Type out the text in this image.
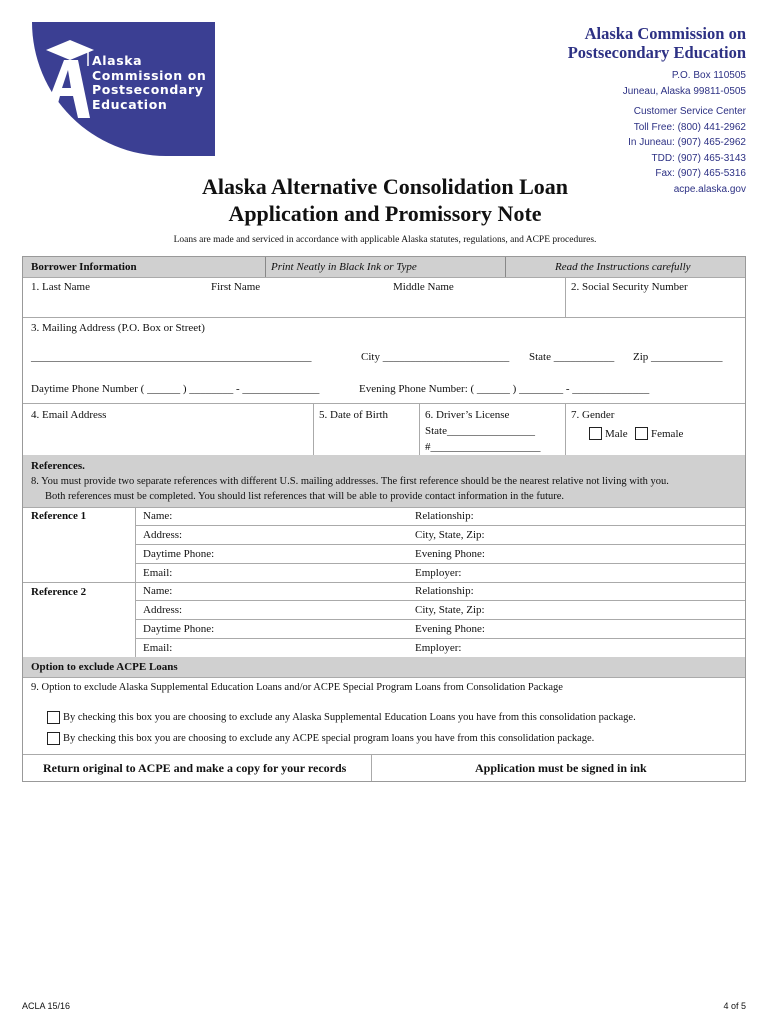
Alaska
Commission on
Postsecondary
Education
Alaska Commission on
Postsecondary Education
P.O. Box 110505
Juneau, Alaska 99811-0505
Customer Service Center
Toll Free: (800) 441-2962
In Juneau: (907) 465-2962
TDD: (907) 465-3143
Fax: (907) 465-5316
acpe.alaska.gov
Alaska Alternative Consolidation Loan
Application and Promissory Note
Loans are made and serviced in accordance with applicable Alaska statutes, regulations, and ACPE procedures.
Borrower Information	Print Neatly in Black Ink or Type	Read the Instructions carefully
1. Last Name	First Name	Middle Name	2. Social Security Number
3. Mailing Address (P.O. Box or Street)
___________________________________________________	City _______________________ State ___________ Zip _____________
Daytime Phone Number ( ______ ) ________ - ______________	Evening Phone Number: ( ______ ) ________ - ______________
4. Email Address	5. Date of Birth	6. Driver’s License
State________________
#____________________
7. Gender
Male Female
References.
8. You must provide two separate references with different U.S. mailing addresses. The first reference should be the nearest relative not living with you.
Both references must be completed. You should list references that will be able to provide contact information in the future.
Reference 1	Name:	Relationship:
Address:	City, State, Zip:
Daytime Phone:	Evening Phone:
Email:	Employer:
Reference 2	Name:	Relationship:
Address:	City, State, Zip:
Daytime Phone:	Evening Phone:
Email:	Employer:
Option to exclude ACPE Loans
9. Option to exclude Alaska Supplemental Education Loans and/or ACPE Special Program Loans from Consolidation Package
By checking this box you are choosing to exclude any Alaska Supplemental Education Loans you have from this consolidation package.
By checking this box you are choosing to exclude any ACPE special program loans you have from this consolidation package.
Return original to ACPE and make a copy for your records	Application must be signed in ink
ACLA 15/16	4 of 5
